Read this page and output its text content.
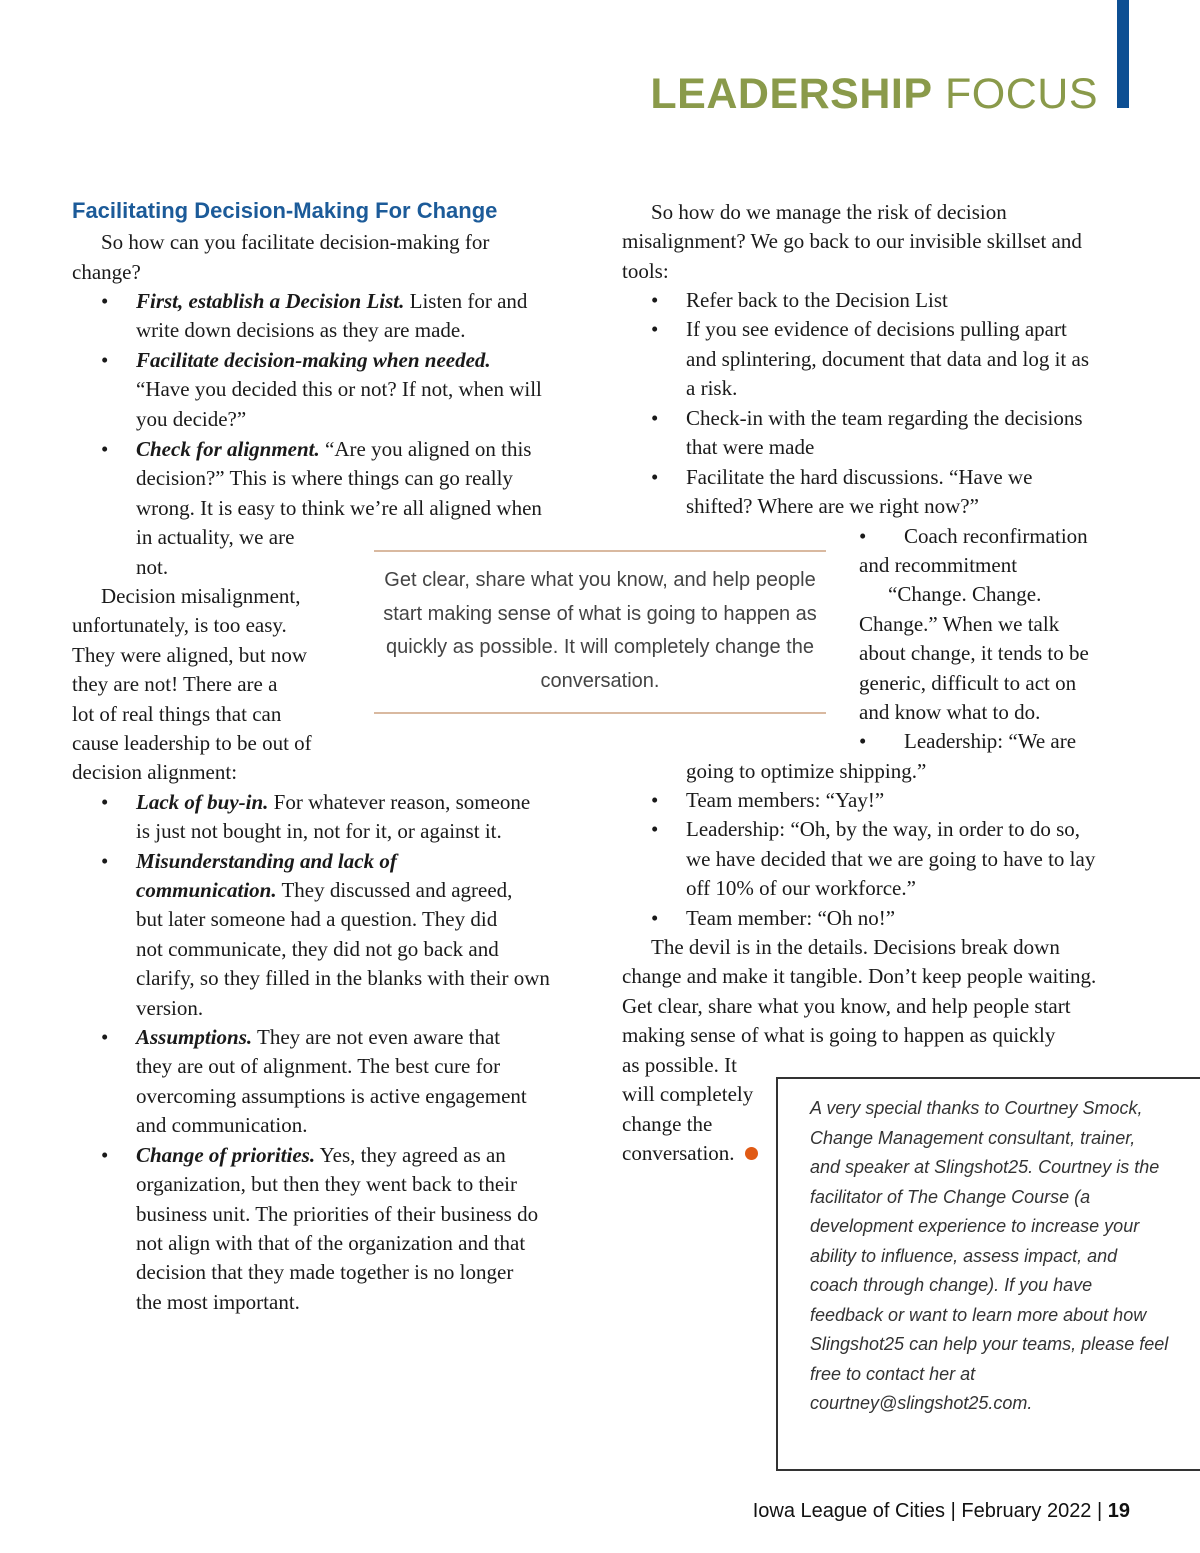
LEADERSHIP FOCUS
Facilitating Decision-Making For Change
So how can you facilitate decision-making for
change?
• First, establish a Decision List. Listen for and
write down decisions as they are made.
• Facilitate decision-making when needed.
“Have you decided this or not? If not, when will
you decide?”
• Check for alignment. “Are you aligned on this
decision?” This is where things can go really
wrong. It is easy to think we’re all aligned when
in actuality, we are
not.
Decision misalignment,
unfortunately, is too easy.
They were aligned, but now
they are not! There are a
lot of real things that can
cause leadership to be out of
decision alignment:
• Lack of buy-in. For whatever reason, someone
is just not bought in, not for it, or against it.
• Misunderstanding and lack of
communication. They discussed and agreed,
but later someone had a question. They did
not communicate, they did not go back and
clarify, so they filled in the blanks with their own
version.
• Assumptions. They are not even aware that
they are out of alignment. The best cure for
overcoming assumptions is active engagement
and communication.
• Change of priorities. Yes, they agreed as an
organization, but then they went back to their
business unit. The priorities of their business do
not align with that of the organization and that
decision that they made together is no longer
the most important.
So how do we manage the risk of decision
misalignment? We go back to our invisible skillset and
tools:
• Refer back to the Decision List
• If you see evidence of decisions pulling apart
and splintering, document that data and log it as
a risk.
• Check-in with the team regarding the decisions
that were made
• Facilitate the hard discussions. “Have we
shifted? Where are we right now?”
• Coach reconfirmation
and recommitment
“Change. Change.
Change.” When we talk
about change, it tends to be
generic, difficult to act on
and know what to do.
• Leadership: “We are
going to optimize shipping.”
• Team members: “Yay!”
• Leadership: “Oh, by the way, in order to do so,
we have decided that we are going to have to lay
off 10% of our workforce.”
• Team member: “Oh no!”
The devil is in the details. Decisions break down
change and make it tangible. Don’t keep people waiting.
Get clear, share what you know, and help people start
making sense of what is going to happen as quickly
as possible. It
will completely
change the
conversation.
Get clear, share what you know, and help people start making sense of what is going to happen as quickly as possible. It will completely change the conversation.
A very special thanks to Courtney Smock, Change Management consultant, trainer, and speaker at Slingshot25. Courtney is the facilitator of The Change Course (a development experience to increase your ability to influence, assess impact, and coach through change). If you have feedback or want to learn more about how Slingshot25 can help your teams, please feel free to contact her at courtney@slingshot25.com.
Iowa League of Cities | February 2022 | 19
